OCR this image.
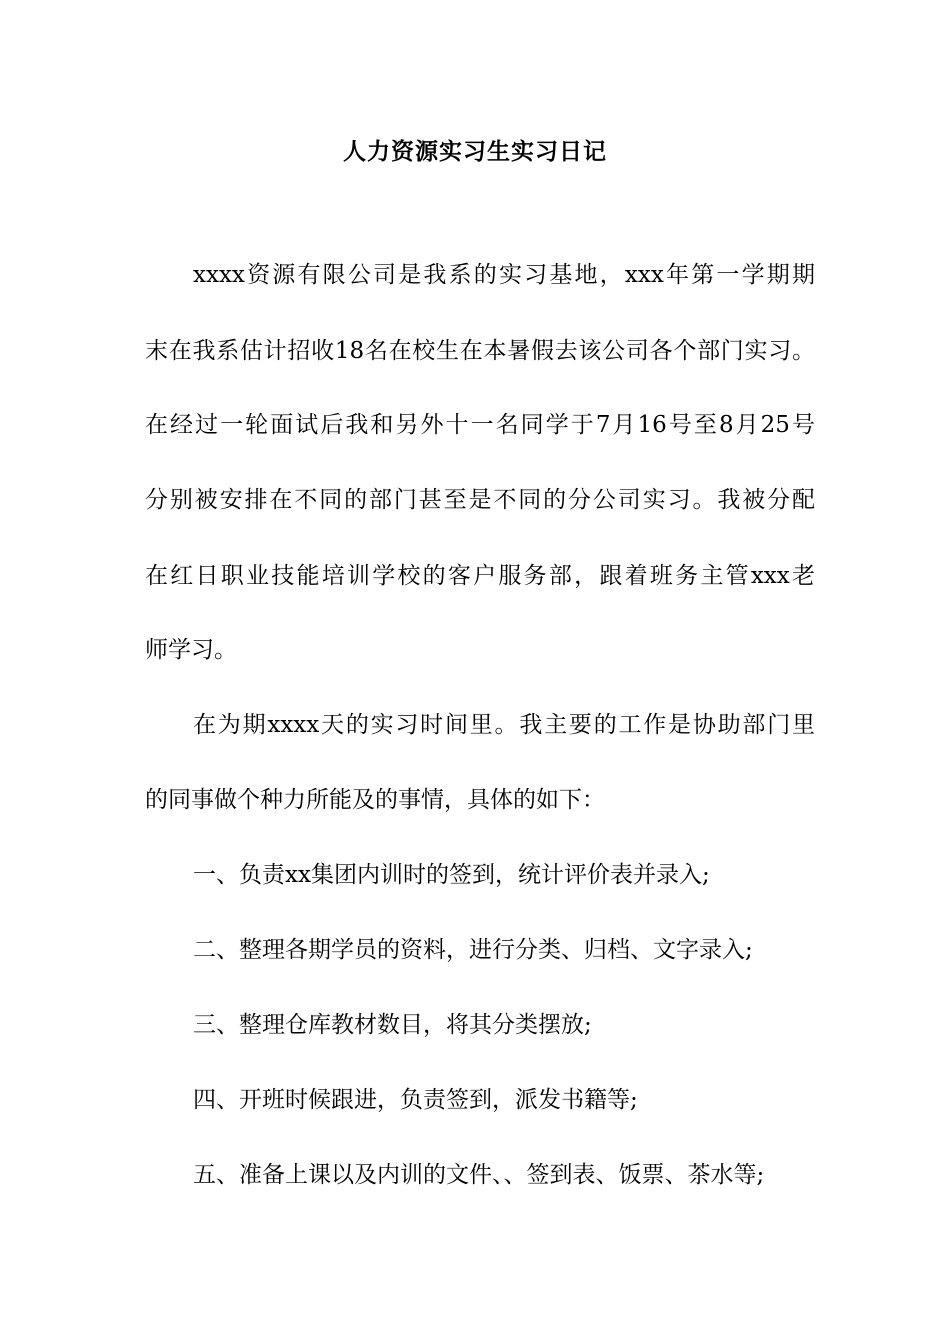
人力资源实习生实习日记
xxxx资源有限公司是我系的实习基地，xxx年第一学期期
末在我系估计招收18名在校生在本暑假去该公司各个部门实习。
在经过一轮面试后我和另外十一名同学于7月16号至8月25号
分别被安排在不同的部门甚至是不同的分公司实习。我被分配
在红日职业技能培训学校的客户服务部，跟着班务主管xxx老
师学习。
在为期xxxx天的实习时间里。我主要的工作是协助部门里
的同事做个种力所能及的事情，具体的如下：
一、负责xx集团内训时的签到，统计评价表并录入;
二、整理各期学员的资料，进行分类、归档、文字录入;
三、整理仓库教材数目，将其分类摆放;
四、开班时候跟进，负责签到，派发书籍等;
五、准备上课以及内训的文件、、签到表、饭票、茶水等;
